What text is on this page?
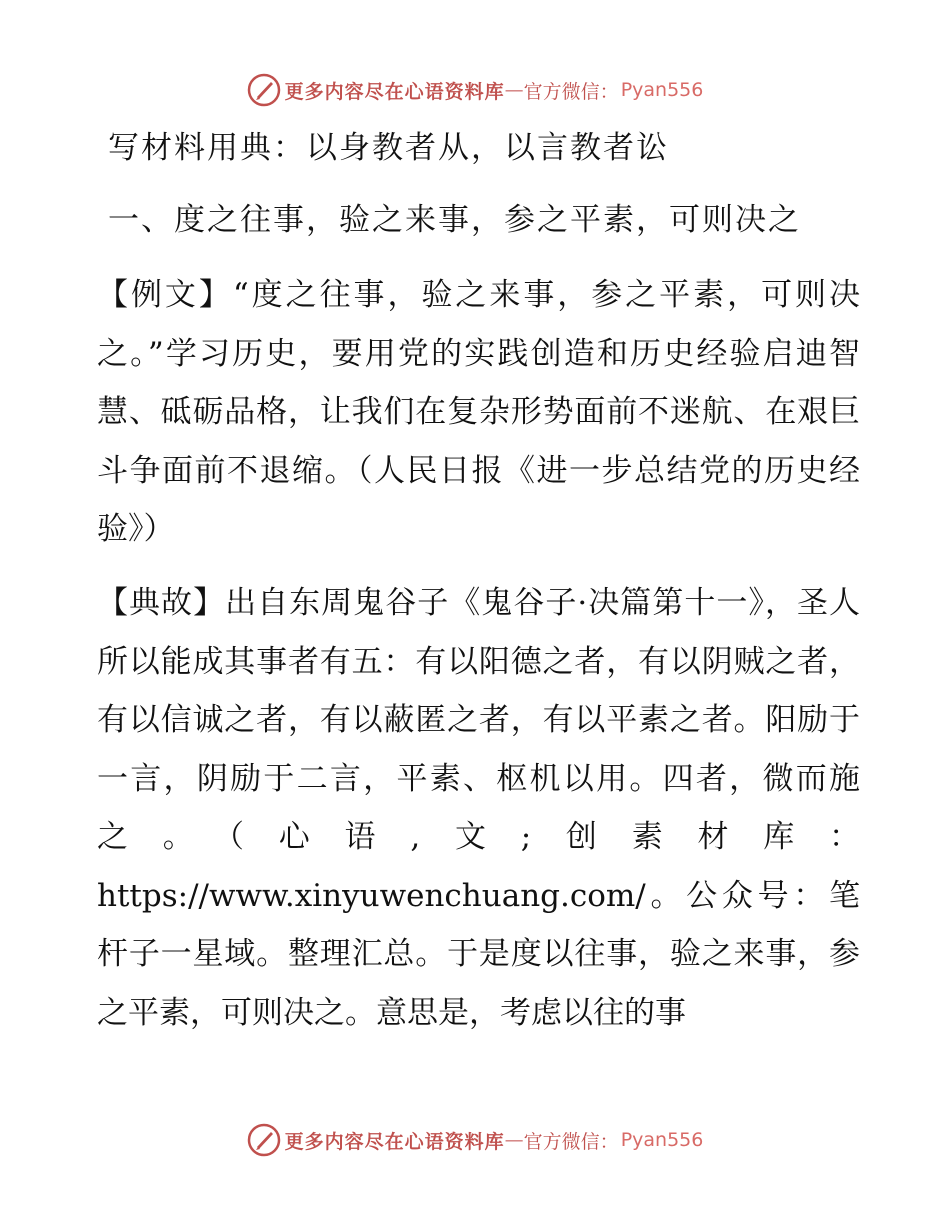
更多内容尽在心语资料库 — 官方微信： Pyan556

写材料用典：以身教者从，以言教者讼

一、度之往事，验之来事，参之平素，可则决之

【例文】“度之往事，验之来事，参之平素，可则决之。”学习历史，要用党的实践创造和历史经验启迪智慧、砥砺品格，让我们在复杂形势面前不迷航、在艰巨斗争面前不退缩。（人民日报《进一步总结党的历史经验》）

【典故】出自东周鬼谷子《鬼谷子·决篇第十一》，圣人所以能成其事者有五：有以阳德之者，有以阴贼之者，有以信诚之者，有以蔽匿之者，有以平素之者。阳励于一言，阴励于二言，平素、枢机以用。四者，微而施之。（心语,文;创素材库：https://www.xinyuwenchuang.com/。公众号：笔杆子一星域。整理汇总。于是度以往事，验之来事，参之平素，可则决之。意思是，考虑以往的事

更多内容尽在心语资料库 — 官方微信： Pyan556
